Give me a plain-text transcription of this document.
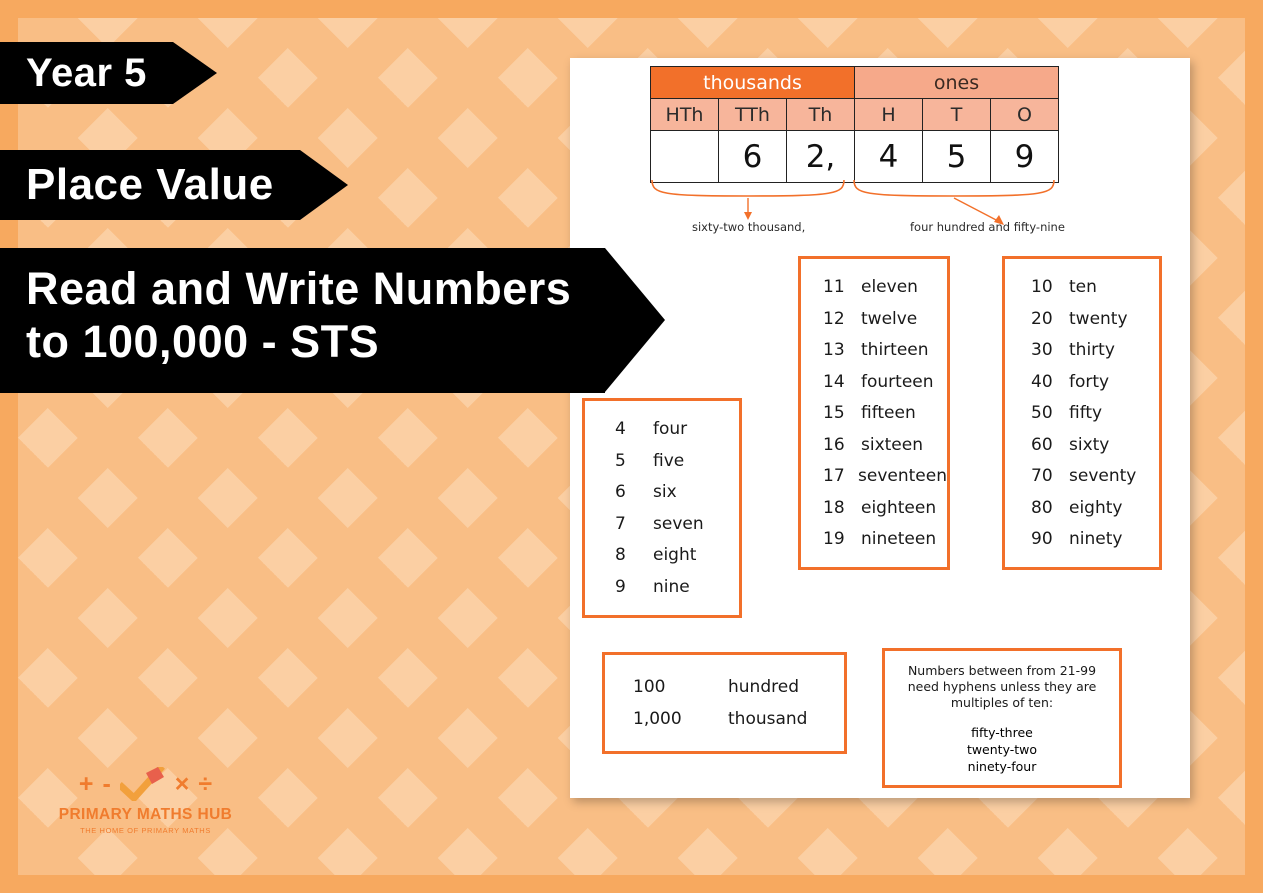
Year 5
Place Value
Read and Write Numbers
to 100,000 - STS
+ -	× ÷
PRIMARY MATHS HUB
THE HOME OF PRIMARY MATHS
thousands			ones		
HTh	TTh	Th	H	T	O
	6	2,	4	5	9
sixty-two thousand,	four hundred and fifty-nine
4	four
5	five
6	six
7	seven
8	eight
9	nine
11 eleven
12 twelve
13 thirteen
14 fourteen
15 fifteen
16 sixteen
17 seventeen
18 eighteen
19 nineteen
10 ten
20 twenty
30 thirty
40 forty
50 fifty
60 sixty
70 seventy
80 eighty
90 ninety
100	hundred
1,000	thousand
Numbers between from 21-99 need hyphens unless they are multiples of ten:
fifty-three
twenty-two
ninety-four
